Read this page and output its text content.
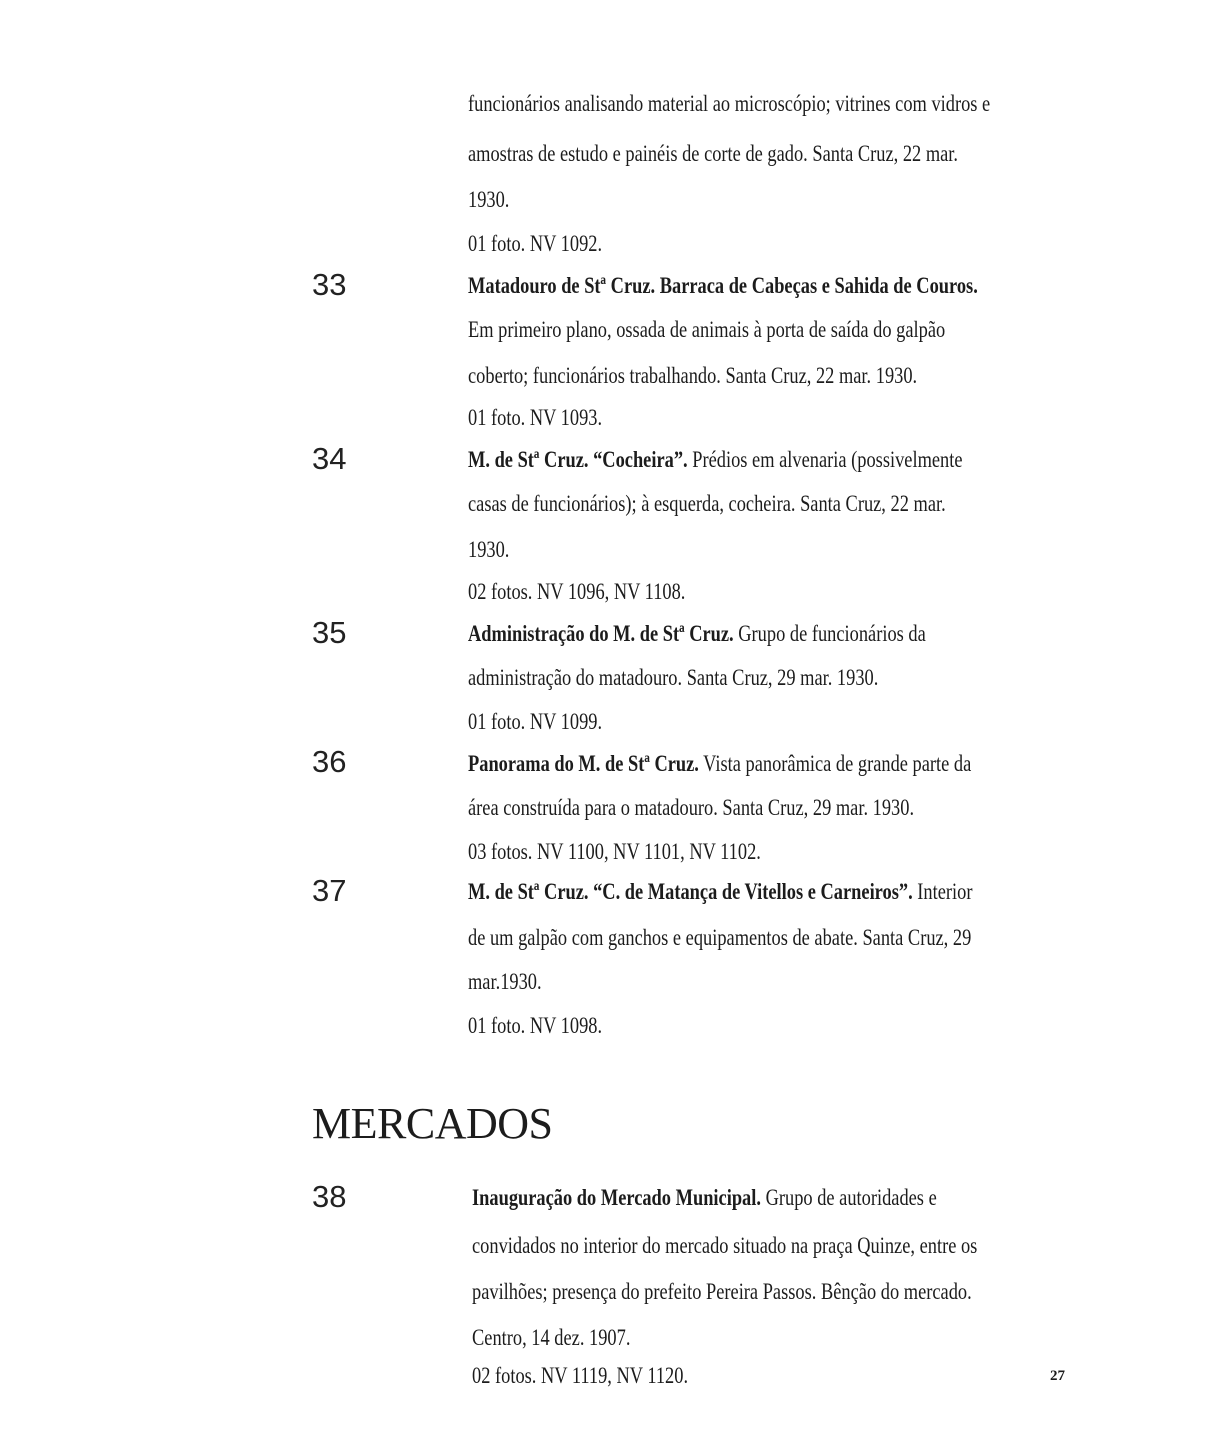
funcionários analisando material ao microscópio; vitrines com vidros e
amostras de estudo e painéis de corte de gado. Santa Cruz, 22 mar.
1930.
01 foto. NV 1092.
33	Matadouro de Stª Cruz. Barraca de Cabeças e Sahida de Couros.
Em primeiro plano, ossada de animais à porta de saída do galpão
coberto; funcionários trabalhando. Santa Cruz, 22 mar. 1930.
01 foto. NV 1093.
34	M. de Stª Cruz. “Cocheira”. Prédios em alvenaria (possivelmente
casas de funcionários); à esquerda, cocheira. Santa Cruz, 22 mar.
1930.
02 fotos. NV 1096, NV 1108.
35	Administração do M. de Stª Cruz. Grupo de funcionários da
administração do matadouro. Santa Cruz, 29 mar. 1930.
01 foto. NV 1099.
36	Panorama do M. de Stª Cruz. Vista panorâmica de grande parte da
área construída para o matadouro. Santa Cruz, 29 mar. 1930.
03 fotos. NV 1100, NV 1101, NV 1102.
37	M. de Stª Cruz. “C. de Matança de Vitellos e Carneiros”. Interior
de um galpão com ganchos e equipamentos de abate. Santa Cruz, 29
mar.1930.
01 foto. NV 1098.
MERCADOS
38	Inauguração do Mercado Municipal. Grupo de autoridades e
convidados no interior do mercado situado na praça Quinze, entre os
pavilhões; presença do prefeito Pereira Passos. Bênção do mercado.
Centro, 14 dez. 1907.
02 fotos. NV 1119, NV 1120.	27
